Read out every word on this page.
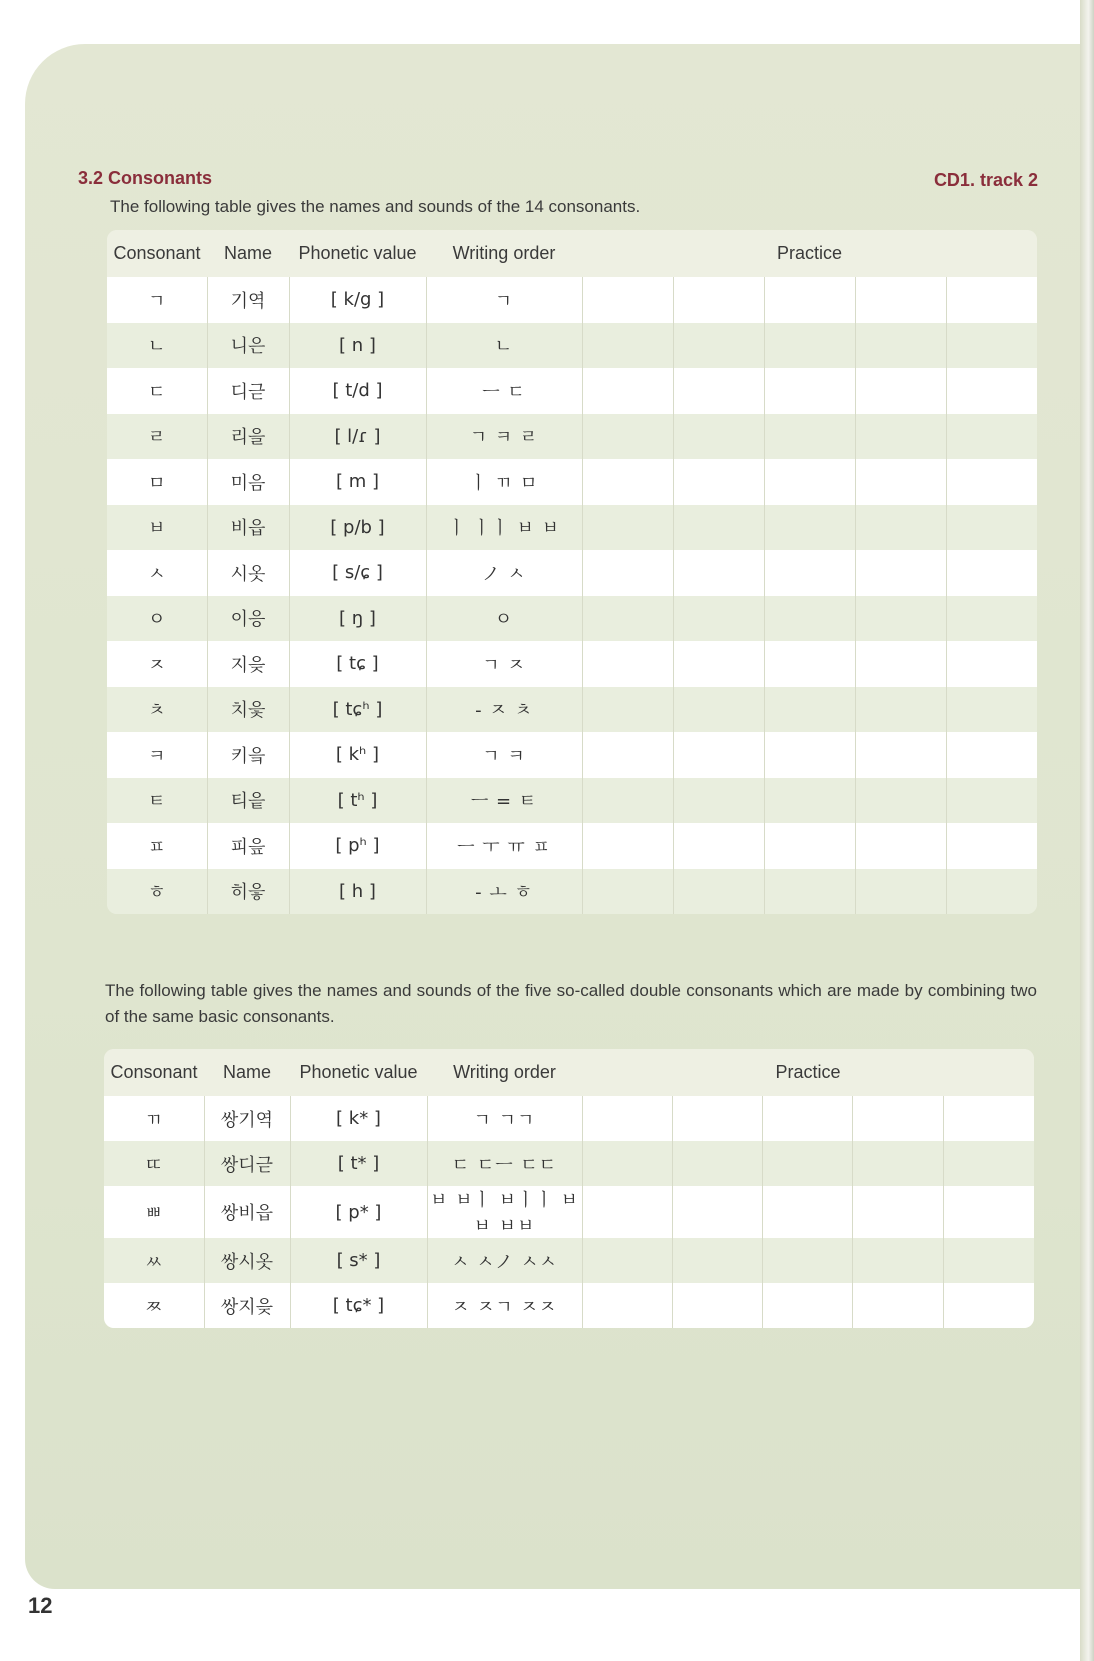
3.2 Consonants	CD1. track 2
The following table gives the names and sounds of the 14 consonants.
Consonant	Name	Phonetic value	Writing order	Practice				
ㄱ	기역	[ k/g ]	ㄱ					
ㄴ	니은	[ n ]	ㄴ					
ㄷ	디귿	[ t/d ]	ㅡ ㄷ					
ㄹ	리을	[ l/ɾ ]	ㄱ ㅋ ㄹ					
ㅁ	미음	[ m ]	ㅣ ㄲ ㅁ					
ㅂ	비읍	[ p/b ]	ㅣ ㅣㅣ ㅂ ㅂ					
ㅅ	시옷	[ s/ɕ ]	ノ ㅅ					
ㅇ	이응	[ ŋ ]	ㅇ					
ㅈ	지읒	[ tɕ ]	ㄱ ㅈ					
ㅊ	치읓	[ tɕʰ ]	- ㅈ ㅊ					
ㅋ	키읔	[ kʰ ]	ㄱ ㅋ					
ㅌ	티읕	[ tʰ ]	ㅡ = ㅌ					
ㅍ	피읖	[ pʰ ]	ㅡ ㅜ ㅠ ㅍ					
ㅎ	히읗	[ h ]	- ㅗ ㅎ					
The following table gives the names and sounds of the five so-called double consonants which are made by combining two of the same basic consonants.
Consonant	Name	Phonetic value	Writing order	Practice				
ㄲ	쌍기역	[ k* ]	ㄱ ㄱㄱ					
ㄸ	쌍디귿	[ t* ]	ㄷ ㄷㅡ ㄷㄷ					
ㅃ	쌍비읍	[ p* ]	ㅂ ㅂㅣ ㅂㅣㅣ ㅂㅂ ㅂㅂ					
ㅆ	쌍시옷	[ s* ]	ㅅ ㅅノ ㅅㅅ					
ㅉ	쌍지읒	[ tɕ* ]	ㅈ ㅈㄱ ㅈㅈ					
12
